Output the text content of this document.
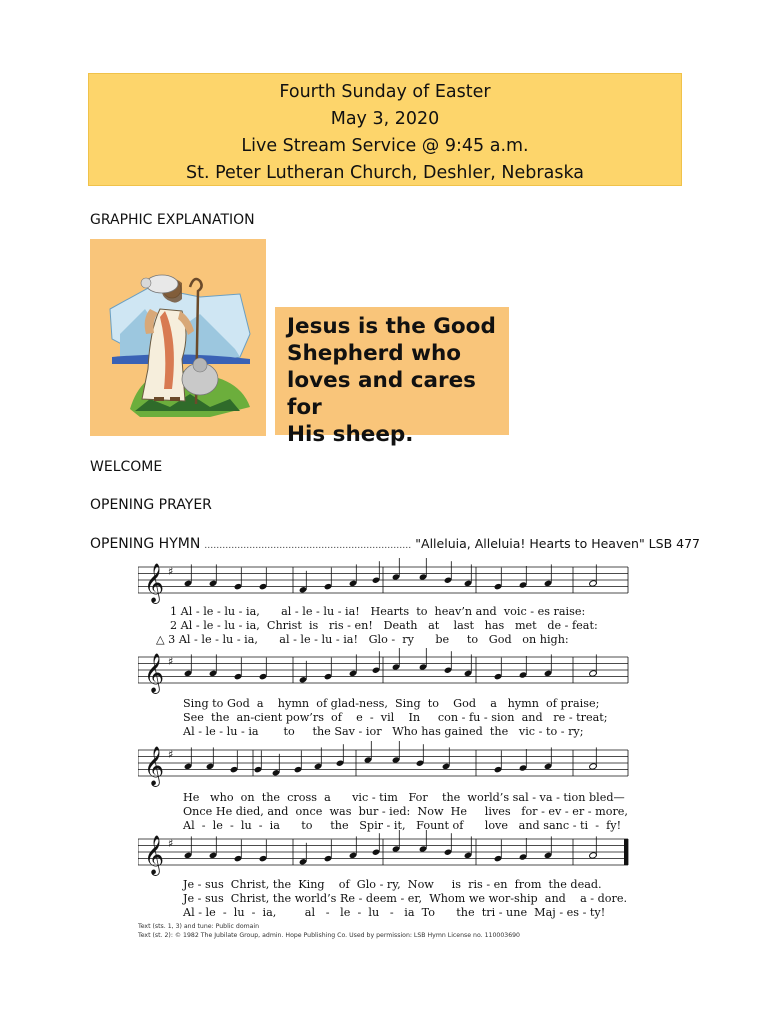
Fourth Sunday of Easter
May 3, 2020
Live Stream Service @ 9:45 a.m.
St. Peter Lutheran Church, Deshler, Nebraska
GRAPHIC EXPLANATION
Jesus is the Good
Shepherd who
loves and cares for
His sheep.
WELCOME
OPENING PRAYER
OPENING HYMN …………………………………………………………… "Alleluia, Alleluia! Hearts to Heaven" LSB 477
𝄞 ♯
𝄞 ♯
𝄞 ♯
𝄞 ♯
1 Al - le - lu - ia,      al - le - lu - ia!   Hearts  to  heav’n and  voic - es raise:
2 Al - le - lu - ia,  Christ  is   ris - en!   Death   at    last   has   met   de - feat:
△ 3 Al - le - lu - ia,      al - le - lu - ia!   Glo -  ry      be     to   God   on high:
Sing to God  a    hymn  of glad-ness,  Sing  to    God    a   hymn  of praise;
See  the  an-cient pow’rs  of    e  -  vil    In     con - fu - sion  and   re - treat;
Al - le - lu - ia       to     the Sav - ior   Who has gained  the   vic - to - ry;
He   who  on  the  cross  a      vic - tim   For    the  world’s sal - va - tion bled—
Once He died, and  once  was  bur - ied:  Now  He     lives   for - ev - er - more,
Al  -  le  -  lu  -  ia      to     the   Spir - it,   Fount of      love   and sanc - ti  -  fy!
Je - sus  Christ, the  King    of  Glo - ry,  Now     is  ris - en  from  the dead.
Je - sus  Christ, the world’s Re - deem - er,  Whom we wor-ship  and    a - dore.
Al - le  -  lu  -  ia,        al   -   le  -  lu   -   ia  To      the  tri - une  Maj - es - ty!
Text (sts. 1, 3) and tune: Public domain
Text (st. 2): © 1982 The Jubilate Group, admin. Hope Publishing Co. Used by permission: LSB Hymn License no. 110003690
